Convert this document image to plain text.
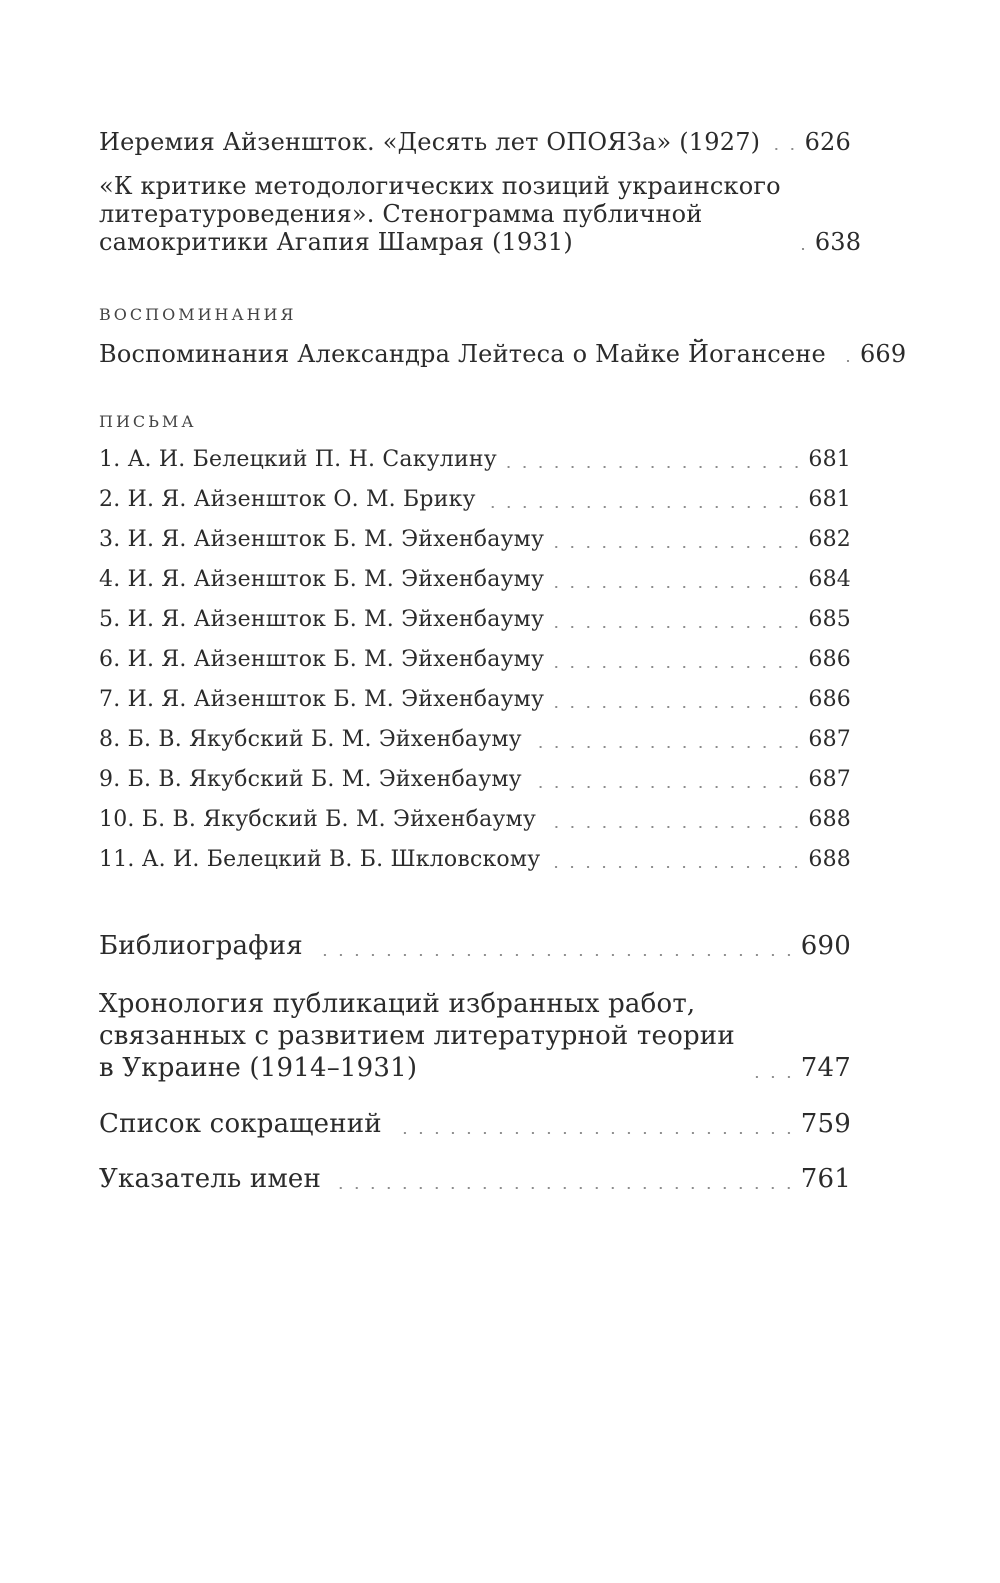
Иеремия Айзеншток. «Десять лет ОПОЯЗа» (1927) 626
«К критике методологических позиций украинского
литературоведения». Стенограмма публичной
самокритики Агапия Шамрая (1931)	638
ВОСПОМИНАНИЯ
Воспоминания Александра Лейтеса о Майке Йогансене 669
ПИСЬМА
1. А. И. Белецкий П. Н. Сакулину	681
2. И. Я. Айзеншток О. М. Брику	681
3. И. Я. Айзеншток Б. М. Эйхенбауму	682
4. И. Я. Айзеншток Б. М. Эйхенбауму	684
5. И. Я. Айзеншток Б. М. Эйхенбауму	685
6. И. Я. Айзеншток Б. М. Эйхенбауму	686
7. И. Я. Айзеншток Б. М. Эйхенбауму	686
8. Б. В. Якубский Б. М. Эйхенбауму	687
9. Б. В. Якубский Б. М. Эйхенбауму	687
10. Б. В. Якубский Б. М. Эйхенбауму	688
11. А. И. Белецкий В. Б. Шкловскому	688
Библиография	690
Хронология публикаций избранных работ,
связанных с развитием литературной теории
в Украине (1914–1931)	747
Список сокращений	759
Указатель имен	761
